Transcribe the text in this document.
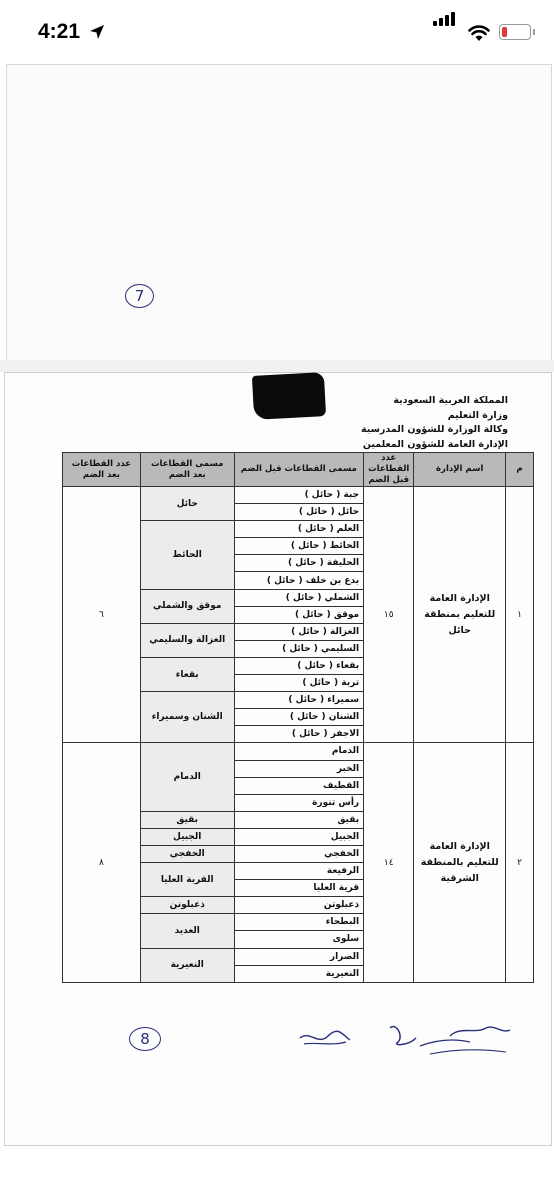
4:21
7
المملكة العربية السعودية
وزارة التعليم
وكالة الوزارة للشؤون المدرسية
الإدارة العامة للشؤون المعلمين
م	اسم الإدارة	عدد القطاعات قبل الضم	مسمى القطاعات قبل الضم	مسمى القطاعات بعد الضم	عدد القطاعات بعد الضم
١	الإدارة العامة للتعليم بمنطقة حائل	١٥	جبة ( حائل )	حائل	٦
			حائل ( حائل )		
			العلم ( حائل )	الحائط	
			الحائط ( حائل )		
			الحليفة ( حائل )		
			بدع بن خلف ( حائل )		
			الشملي ( حائل )	موقق والشملي	
			موقق ( حائل )		
			الغزالة ( حائل )	الغزالة والسليمي	
			السليمي ( حائل )		
			بقعاء ( حائل )	بقعاء	
			تربة ( حائل )		
			سميراء ( حائل )	الشنان وسميراء	
			الشنان ( حائل )		
			الاجفر ( حائل )		
٢	الإدارة العامة للتعليم بالمنطقة الشرقية	١٤	الدمام	الدمام	٨
			الخبر		
			القطيف		
			رأس تنورة		
			بقيق	بقيق	
			الجبيل	الجبيل	
			الخفجي	الخفجي	
			الرفيعة	القرية العليا	
			قرية العليا		
			ذعبلوتن	ذعبلوتن	
			البطحاء	العديد	
			سلوى		
			الصرار	النعيرية	
			النعيرية		
8
